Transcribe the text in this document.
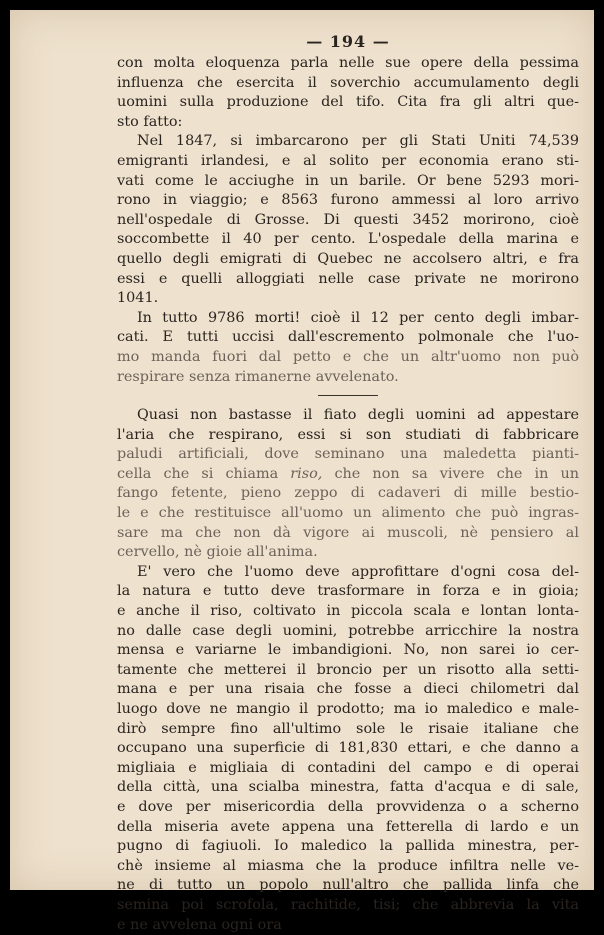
— 194 —
con molta eloquenza parla nelle sue opere della pessima
influenza che esercita il soverchio accumulamento degli
uomini sulla produzione del tifo. Cita fra gli altri que-
sto fatto:
Nel 1847, si imbarcarono per gli Stati Uniti 74,539
emigranti irlandesi, e al solito per economia erano sti-
vati come le acciughe in un barile. Or bene 5293 mori-
rono in viaggio; e 8563 furono ammessi al loro arrivo
nell'ospedale di Grosse. Di questi 3452 morirono, cioè
soccombette il 40 per cento. L'ospedale della marina e
quello degli emigrati di Quebec ne accolsero altri, e fra
essi e quelli alloggiati nelle case private ne morirono
1041.
In tutto 9786 morti! cioè il 12 per cento degli imbar-
cati. E tutti uccisi dall'escremento polmonale che l'uo-
mo manda fuori dal petto e che un altr'uomo non può
respirare senza rimanerne avvelenato.
Quasi non bastasse il fiato degli uomini ad appestare
l'aria che respirano, essi si son studiati di fabbricare
paludi artificiali, dove seminano una maledetta pianti-
cella che si chiama riso, che non sa vivere che in un
fango fetente, pieno zeppo di cadaveri di mille bestio-
le e che restituisce all'uomo un alimento che può ingras-
sare ma che non dà vigore ai muscoli, nè pensiero al
cervello, nè gioie all'anima.
E' vero che l'uomo deve approfittare d'ogni cosa del-
la natura e tutto deve trasformare in forza e in gioia;
e anche il riso, coltivato in piccola scala e lontan lonta-
no dalle case degli uomini, potrebbe arricchire la nostra
mensa e variarne le imbandigioni. No, non sarei io cer-
tamente che metterei il broncio per un risotto alla setti-
mana e per una risaia che fosse a dieci chilometri dal
luogo dove ne mangio il prodotto; ma io maledico e male-
dirò sempre fino all'ultimo sole le risaie italiane che
occupano una superficie di 181,830 ettari, e che danno a
migliaia e migliaia di contadini del campo e di operai
della città, una scialba minestra, fatta d'acqua e di sale,
e dove per misericordia della provvidenza o a scherno
della miseria avete appena una fetterella di lardo e un
pugno di fagiuoli. Io maledico la pallida minestra, per-
chè insieme al miasma che la produce infiltra nelle ve-
ne di tutto un popolo null'altro che pallida linfa che
semina poi scrofola, rachitide, tisi; che abbrevia la vita
e ne avvelena ogni ora
